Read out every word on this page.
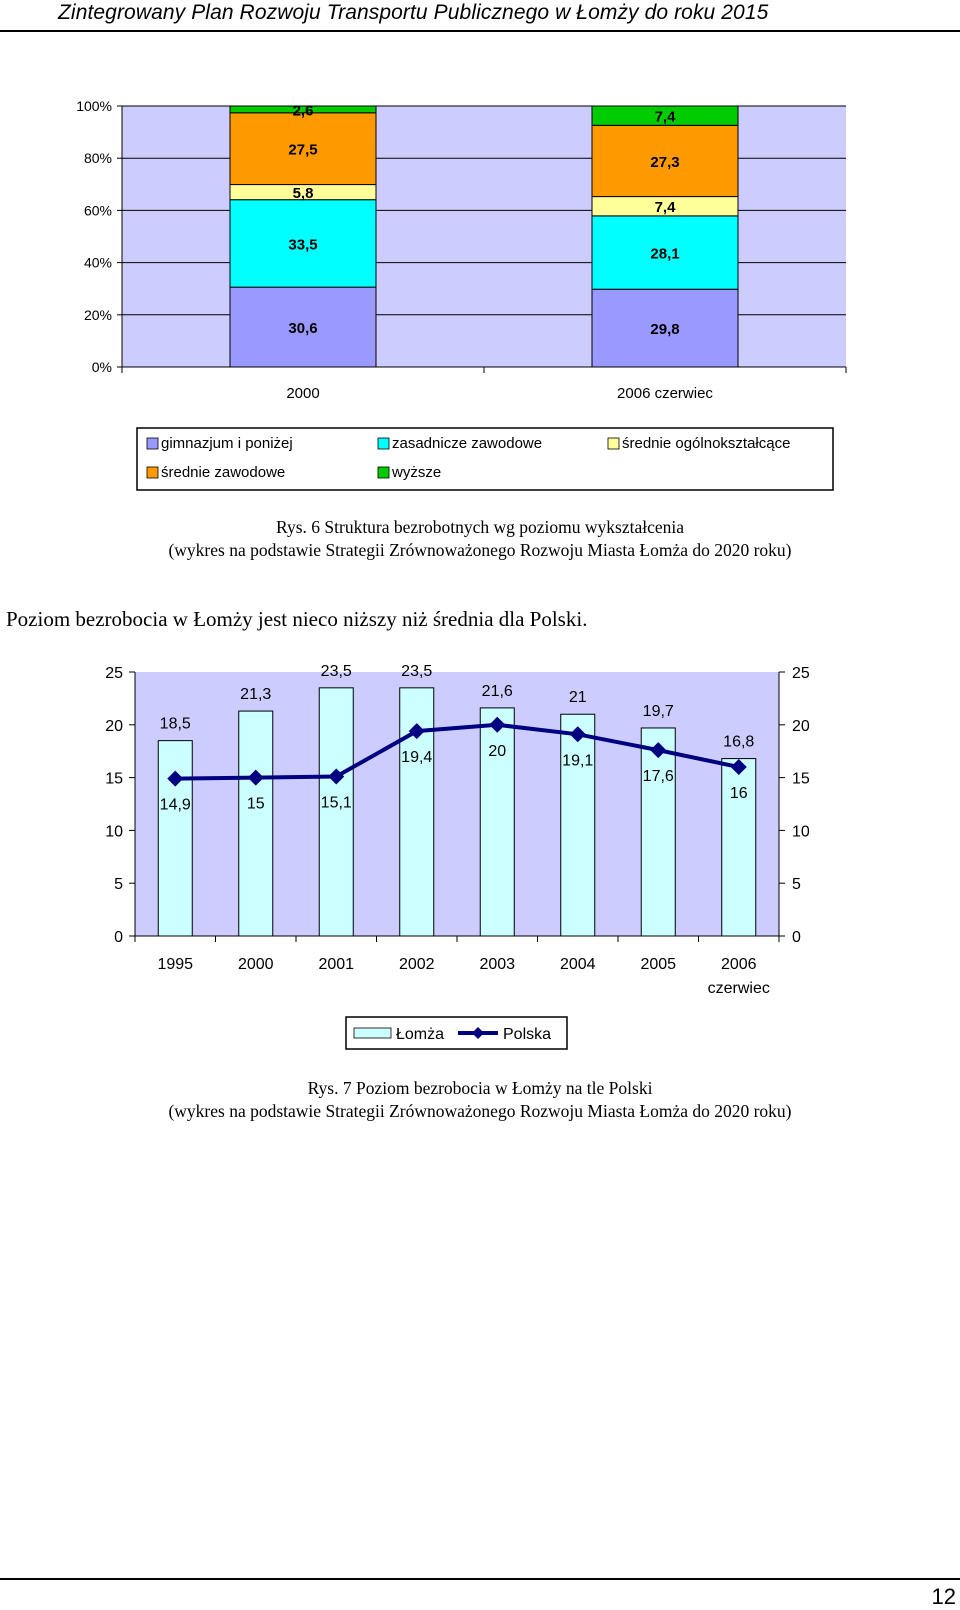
Zintegrowany Plan Rozwoju Transportu Publicznego w Łomży do roku 2015
0%
20%
40%
60%
80%
100%
30,6
33,5
5,8
27,5
2,6
2000
29,8
28,1
7,4
27,3
7,4
2006 czerwiec
gimnazjum i poniżej	zasadnicze zawodowe	średnie ogólnokształcące
średnie zawodowe	wyższe
Rys. 6 Struktura bezrobotnych wg poziomu wykształcenia
(wykres na podstawie Strategii Zrównoważonego Rozwoju Miasta Łomża do 2020 roku)
Poziom bezrobocia w Łomży jest nieco niższy niż średnia dla Polski.
0	0
5	5
10	10
15	15
20	20
25	25
18,5
1995
21,3
2000
23,5
2001
23,5
2002
21,6
2003
21
2004
19,7
2005
16,8
2006
czerwiec
14,9	15	15,1
19,4	20
19,1
17,6
16
Łomża	Polska
Rys. 7 Poziom bezrobocia w Łomży na tle Polski
(wykres na podstawie Strategii Zrównoważonego Rozwoju Miasta Łomża do 2020 roku)
12
